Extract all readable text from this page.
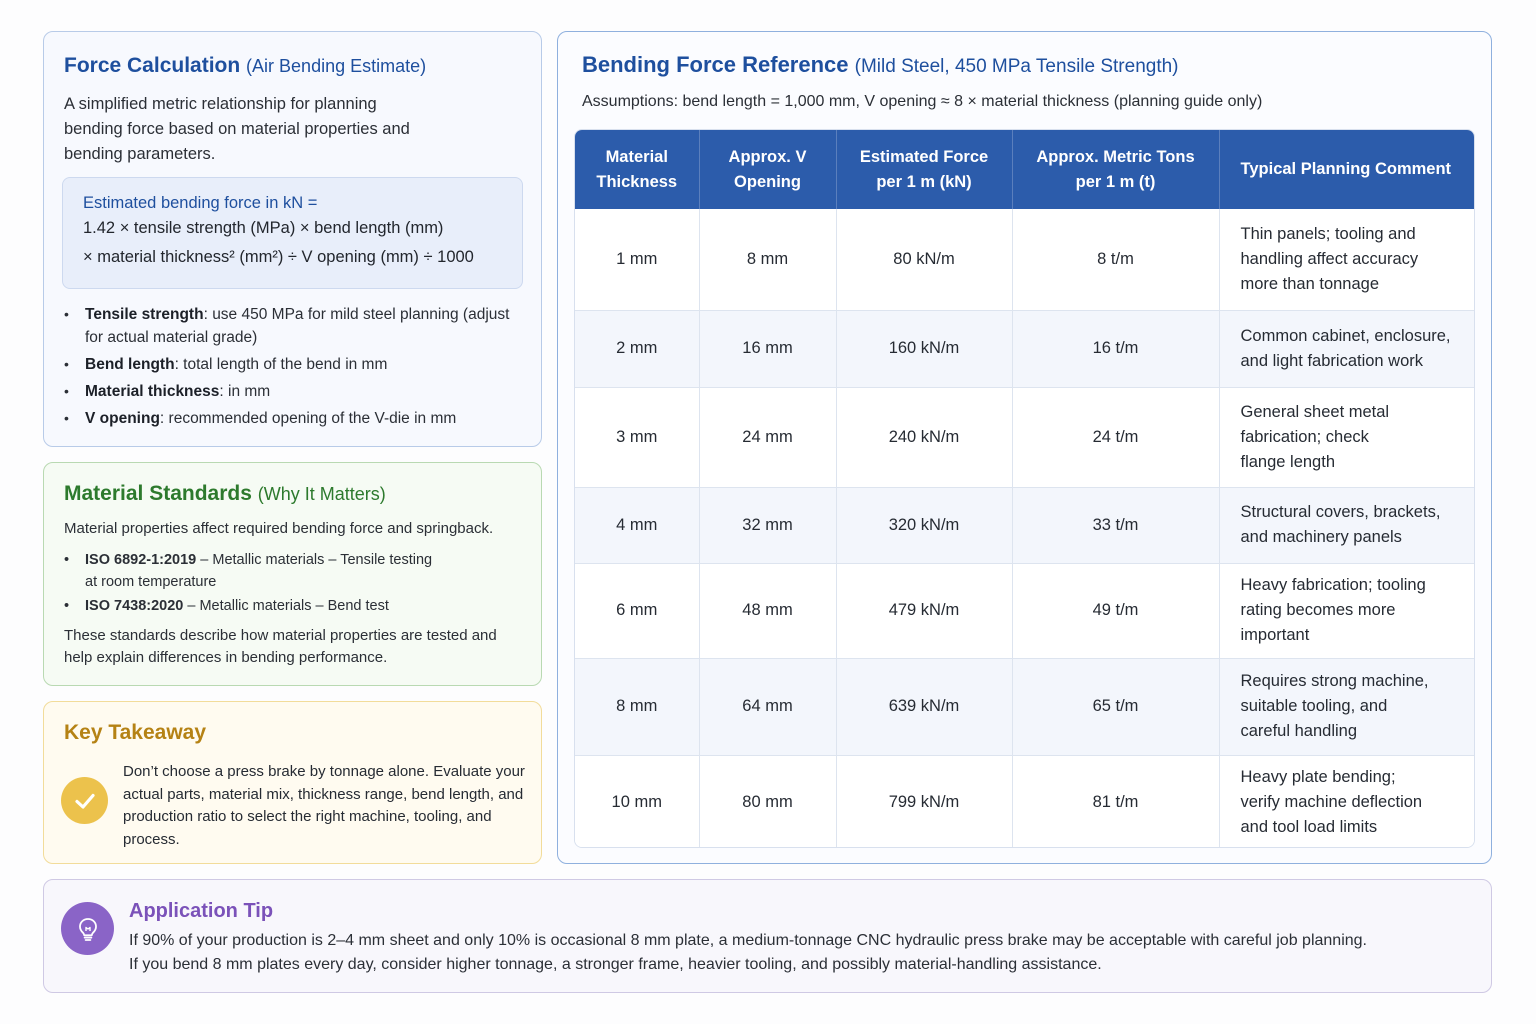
Force Calculation (Air Bending Estimate)

A simplified metric relationship for planning bending force based on material properties and bending parameters.

Estimated bending force in kN =
1.42 × tensile strength (MPa) × bend length (mm)
× material thickness² (mm²) ÷ V opening (mm) ÷ 1000
• Tensile strength: use 450 MPa for mild steel planning (adjust for actual material grade)
• Bend length: total length of the bend in mm
• Material thickness: in mm
• V opening: recommended opening of the V-die in mm
Material Standards (Why It Matters)

Material properties affect required bending force and springback.

• ISO 6892-1:2019 – Metallic materials – Tensile testing
at room temperature
• ISO 7438:2020 – Metallic materials – Bend test

These standards describe how material properties are tested and help explain differences in bending performance.

Key Takeaway

Don’t choose a press brake by tonnage alone. Evaluate your actual parts, material mix, thickness range, bend length, and production ratio to select the right machine, tooling, and process.

Bending Force Reference (Mild Steel, 450 MPa Tensile Strength)

Assumptions: bend length = 1,000 mm, V opening ≈ 8 × material thickness (planning guide only)

Material Thickness	Approx. V Opening	Estimated Force per 1 m (kN)	Approx. Metric Tons per 1 m (t)	Typical Planning Comment
1 mm	8 mm	80 kN/m	8 t/m	Thin panels; tooling and handling affect accuracy more than tonnage
2 mm	16 mm	160 kN/m	16 t/m	Common cabinet, enclosure, and light fabrication work
3 mm	24 mm	240 kN/m	24 t/m	General sheet metal fabrication; check flange length
4 mm	32 mm	320 kN/m	33 t/m	Structural covers, brackets, and machinery panels
6 mm	48 mm	479 kN/m	49 t/m	Heavy fabrication; tooling rating becomes more important
8 mm	64 mm	639 kN/m	65 t/m	Requires strong machine, suitable tooling, and careful handling
10 mm	80 mm	799 kN/m	81 t/m	Heavy plate bending; verify machine deflection and tool load limits
Application Tip

If 90% of your production is 2–4 mm sheet and only 10% is occasional 8 mm plate, a medium-tonnage CNC hydraulic press brake may be acceptable with careful job planning.

If you bend 8 mm plates every day, consider higher tonnage, a stronger frame, heavier tooling, and possibly material-handling assistance.
